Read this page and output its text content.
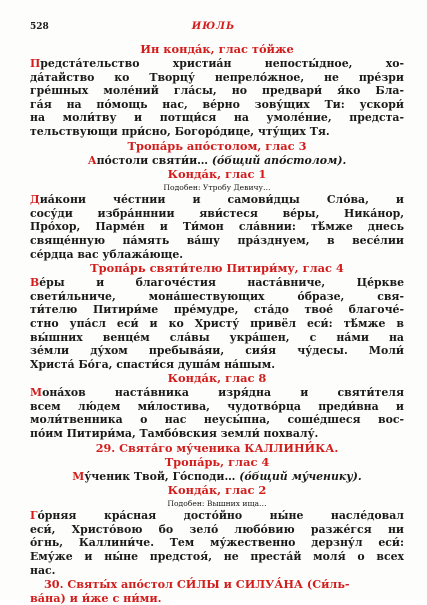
528	ИЮЛЬ
Ин конда́к, глас то́йже
Предста́тельство христиа́н непосты́дное, хо-
да́тайство ко Творцу́ непрело́жное, не пре́зри
гре́шных моле́ний гла́сы, но предвари́ я́ко Бла-
га́я на по́мощь нас, ве́рно зову́щих Ти: ускори́
на моли́тву и потщи́ся на умоле́ние, предста-
тельствующи при́сно, Богоро́дице, чту́щих Тя.
Тропа́рь апо́столом, глас 3
Апо́столи святи́и… (о́бщий апо́столом).
Конда́к, глас 1
Подобен: Утробу Девичу…
Диа́кони че́стнии и самови́дцы Сло́ва, и
сосу́ди избра́нннии яви́стеся ве́ры, Ника́нор,
Про́хор, Парме́н и Ти́мон сла́внии: тѣ́мже днесь
свяще́нную па́мять ва́шу пра́зднуем, в весе́лии
се́рдца вас ублажа́юще.
Тропа́рь святи́телю Питири́му, глас 4
Ве́ры и благоче́стия наста́вниче, Це́ркве
свети́льниче, мона́шествующих о́бразе, свя-
ти́телю Питири́ме пре́мудре, ста́до твое́ благоче́-
стно упа́сл еси́ и ко Христу́ привёл еси́: тѣ́мже в
вы́шних венце́м сла́вы укра́шен, с на́ми на
зе́мли ду́хом пребыва́яи, сия́я чу́десы. Моли́
Христа́ Бо́га, спасти́ся душа́м на́шым.
Конда́к, глас 8
Мона́хов наста́вника изря́дна и святи́теля
всем лю́дем ми́лостива, чудотво́рца преди́вна и
моли́твенника о нас неусы́пна, соше́дшеся вос-
по́им Питири́ма, Тамбо́вския земли́ похвалу́.
29. Свята́го му́ченика КАЛЛИНИ́КА.
Тропа́рь, глас 4
Му́ченик Твой, Го́споди… (о́бщий му́ченику).
Конда́к, глас 2
Подобен: Вышних ища…
Го́рняя кра́сная досто́йно ны́не насле́довал
еси́, Христо́вою бо зело́ любо́вию разже́гся ни
о́гнь, Каллини́че. Тем му́жественно дерзну́л еси́:
Ему́же и ны́не предстоя́, не преста́й моля́ о всех
нас.
30. Святы́х апо́стол СИ́ЛЫ и СИЛУА́НА (Си́ль-
ва́на) и и́же с ни́ми.
